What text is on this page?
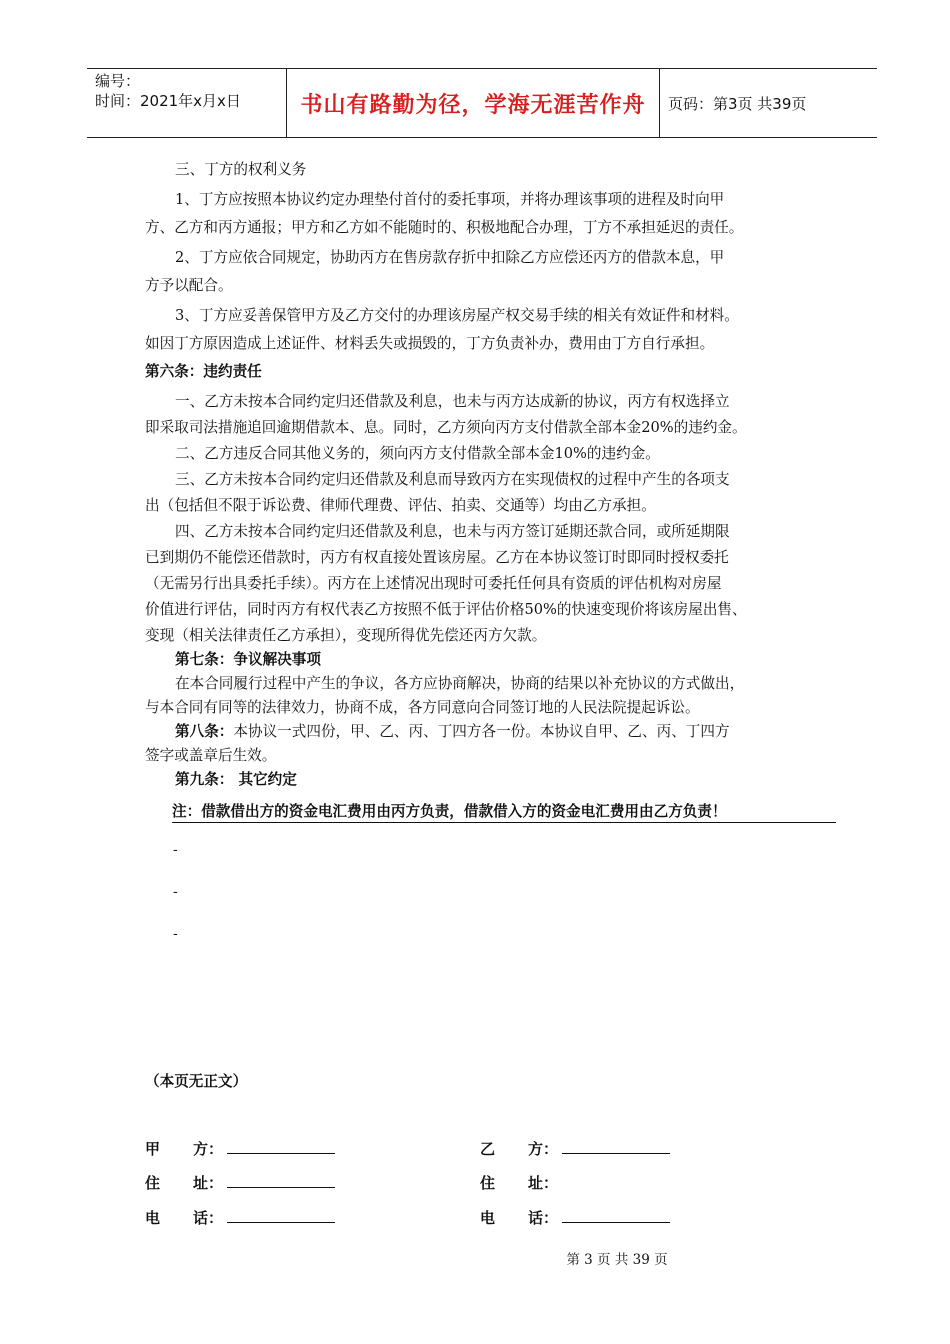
编号：
时间：2021年x月x日	书山有路勤为径，学海无涯苦作舟	页码：第3页 共39页
三、丁方的权利义务
1、丁方应按照本协议约定办理垫付首付的委托事项，并将办理该事项的进程及时向甲
方、乙方和丙方通报；甲方和乙方如不能随时的、积极地配合办理，丁方不承担延迟的责任。
2、丁方应依合同规定，协助丙方在售房款存折中扣除乙方应偿还丙方的借款本息，甲
方予以配合。
3、丁方应妥善保管甲方及乙方交付的办理该房屋产权交易手续的相关有效证件和材料。
如因丁方原因造成上述证件、材料丢失或损毁的，丁方负责补办，费用由丁方自行承担。
第六条：违约责任
一、乙方未按本合同约定归还借款及利息，也未与丙方达成新的协议，丙方有权选择立
即采取司法措施追回逾期借款本、息。同时，乙方须向丙方支付借款全部本金20%的违约金。
二、乙方违反合同其他义务的，须向丙方支付借款全部本金10%的违约金。
三、乙方未按本合同约定归还借款及利息而导致丙方在实现债权的过程中产生的各项支
出（包括但不限于诉讼费、律师代理费、评估、拍卖、交通等）均由乙方承担。
四、乙方未按本合同约定归还借款及利息，也未与丙方签订延期还款合同，或所延期限
已到期仍不能偿还借款时，丙方有权直接处置该房屋。乙方在本协议签订时即同时授权委托
（无需另行出具委托手续）。丙方在上述情况出现时可委托任何具有资质的评估机构对房屋
价值进行评估，同时丙方有权代表乙方按照不低于评估价格50%的快速变现价将该房屋出售、
变现（相关法律责任乙方承担），变现所得优先偿还丙方欠款。
第七条：争议解决事项
在本合同履行过程中产生的争议，各方应协商解决，协商的结果以补充协议的方式做出，
与本合同有同等的法律效力，协商不成，各方同意向合同签订地的人民法院提起诉讼。
第八条：本协议一式四份，甲、乙、丙、丁四方各一份。本协议自甲、乙、丙、丁四方
签字或盖章后生效。
第九条： 其它约定
注：借款借出方的资金电汇费用由丙方负责，借款借入方的资金电汇费用由乙方负责！
-
-
-
（本页无正文）
甲 方：
住 址：
电 话：
乙 方：
住 址：
电 话：
第 3 页 共 39 页
